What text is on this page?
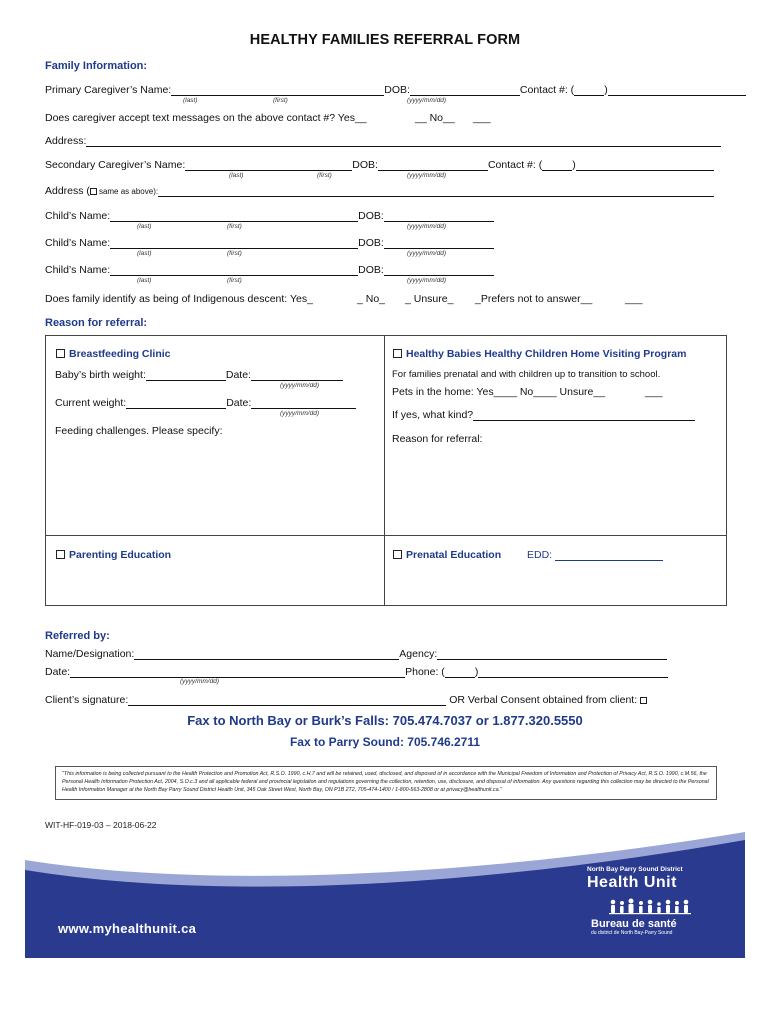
HEALTHY FAMILIES REFERRAL FORM
Family Information:
Primary Caregiver’s Name:	DOB:	Contact #: (	)
(last)	(first)	(yyyy/mm/dd)
Does caregiver accept text messages on the above contact #? Yes__	__ No__ ___
Address:
Secondary Caregiver’s Name:	DOB:	Contact #: (	)
(last)	(first)	(yyyy/mm/dd)
Address ( same as above):
Child’s Name:	DOB:
(last)	(first)	(yyyy/mm/dd)
Child’s Name:	DOB:
(last)	(first)	(yyyy/mm/dd)
Child’s Name:	DOB:
(last)	(first)	(yyyy/mm/dd)
Does family identify as being of Indigenous descent: Yes_	_ No_ _ Unsure_ _Prefers not to answer__	___
Reason for referral:
Breastfeeding Clinic
Baby’s birth weight:	Date:
(yyyy/mm/dd)
Current weight:	Date:
(yyyy/mm/dd)
Feeding challenges. Please specify:
Healthy Babies Healthy Children Home Visiting Program
For families prenatal and with children up to transition to school.
Pets in the home: Yes____ No____ Unsure__	___
If yes, what kind?
Reason for referral:
Parenting Education	Prenatal Education EDD:
Referred by:
Name/Designation:	Agency:
Date:	Phone: (	)
(yyyy/mm/dd)
Client’s signature:	OR Verbal Consent obtained from client:
Fax to North Bay or Burk’s Falls: 705.474.7037 or 1.877.320.5550
Fax to Parry Sound: 705.746.2711
"This information is being collected pursuant to the Health Protection and Promotion Act, R.S.O. 1990, c.H.7 and will be retained, used, disclosed, and disposed of in accordance with the Municipal Freedom of Information and Protection of Privacy Act, R.S.O. 1990, c.M.56, the Personal Health Information Protection Act, 2004, S.O.c.3 and all applicable federal and provincial legislation and regulations governing the collection, retention, use, disclosure, and disposal of information. Any questions regarding this collection may be directed to the Personal Health Information Manager at the North Bay Parry Sound District Health Unit, 345 Oak Street West, North Bay, ON P1B 2T2, 705-474-1400 / 1-800-563-2808 or at privacy@healthunit.ca."
WIT-HF-019-03 – 2018-06-22
www.myhealthunit.ca
North Bay Parry Sound District
Health Unit
Bureau de santé
du district de North Bay-Parry Sound
